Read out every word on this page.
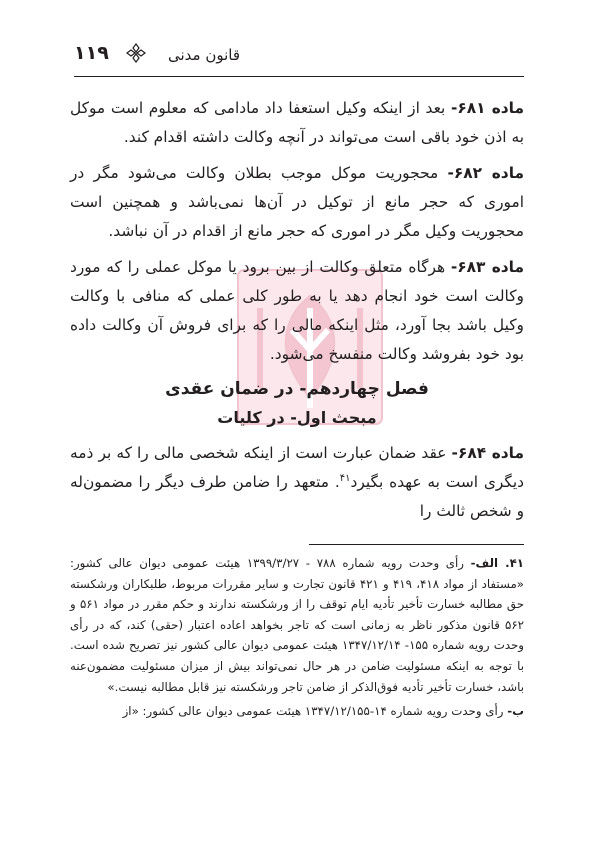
۱۱۹	قانون مدنی

ماده ۶۸۱- بعد از اینکه وکیل استعفا داد مادامی که معلوم است موکل به اذن خود باقی است می‌تواند در آنچه وکالت داشته اقدام کند.

ماده ۶۸۲- محجوریت موکل موجب بطلان وکالت می‌شود مگر در اموری که حجر مانع از توکیل در آن‌ها نمی‌باشد و همچنین است محجوریت وکیل مگر در اموری که حجر مانع از اقدام در آن نباشد.

ماده ۶۸۳- هرگاه متعلق وکالت از بین برود یا موکل عملی را که مورد وکالت است خود انجام دهد یا به طور کلی عملی که منافی با وکالت وکیل باشد بجا آورد، مثل اینکه مالی را که برای فروش آن وکالت داده بود خود بفروشد وکالت منفسخ می‌شود.

فصل چهاردهم- در ضمان عقدی
مبحث اول- در کلیات

ماده ۶۸۴- عقد ضمان عبارت است از اینکه شخصی مالی را که بر ذمه دیگری است به عهده بگیرد$^{۴۱}$. متعهد را ضامن طرف دیگر را مضمون‌له و شخص ثالث را

۴۱. الف- رأی وحدت رویه شماره ۷۸۸ - ۱۳۹۹/۳/۲۷ هیئت عمومی دیوان عالی کشور: «مستفاد از مواد ۴۱۸، ۴۱۹ و ۴۲۱ قانون تجارت و سایر مقررات مربوط، طلبکاران ورشکسته حق مطالبه خسارت تأخیر تأدیه ایام توقف را از ورشکسته ندارند و حکم مقرر در مواد ۵۶۱ و ۵۶۲ قانون مذکور ناظر به زمانی است که تاجر بخواهد اعاده اعتبار (حقی) کند، که در رأی وحدت رویه شماره ۱۵۵- ۱۳۴۷/۱۲/۱۴ هیئت عمومی دیوان عالی کشور نیز تصریح شده است. با توجه به اینکه مسئولیت ضامن در هر حال نمی‌تواند بیش از میزان مسئولیت مضمون‌عنه باشد، خسارت تأخیر تأدیه فوق‌الذکر از ضامن تاجر ورشکسته نیز قابل مطالبه نیست.»

ب- رأی وحدت رویه شماره ۱۴-۱۳۴۷/۱۲/۱۵۵ هیئت عمومی دیوان عالی کشور: «از
